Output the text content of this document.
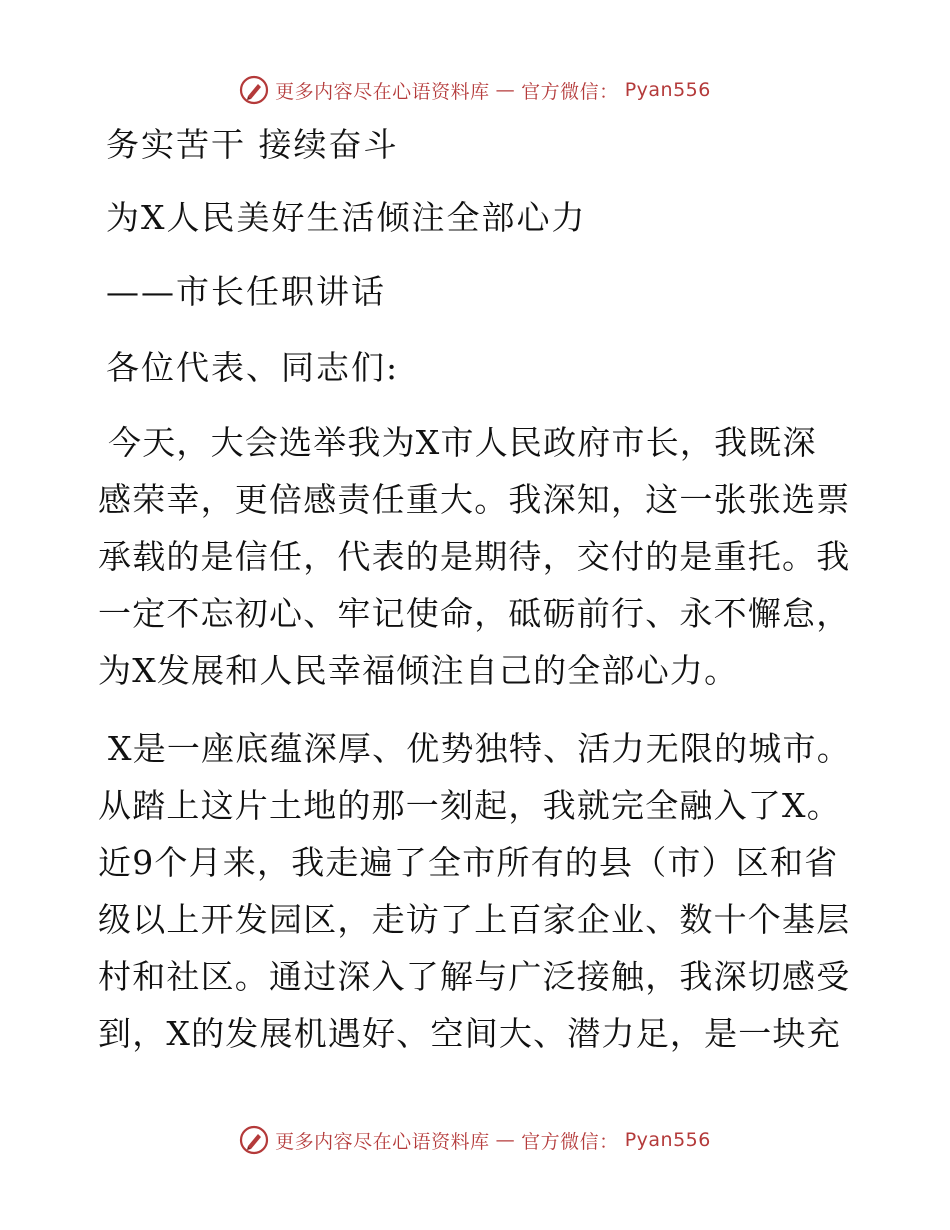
更多内容尽在心语资料库 — 官方微信： Pyan556
务实苦干 接续奋斗
为X人民美好生活倾注全部心力
——市长任职讲话
各位代表、同志们:
今天，大会选举我为X市人民政府市长，我既深
感荣幸，更倍感责任重大。我深知，这一张张选票
承载的是信任，代表的是期待，交付的是重托。我
一定不忘初心、牢记使命，砥砺前行、永不懈怠，
为X发展和人民幸福倾注自己的全部心力。
X是一座底蕴深厚、优势独特、活力无限的城市。
从踏上这片土地的那一刻起，我就完全融入了X。
近9个月来，我走遍了全市所有的县（市）区和省
级以上开发园区，走访了上百家企业、数十个基层
村和社区。通过深入了解与广泛接触，我深切感受
到，X的发展机遇好、空间大、潜力足，是一块充
更多内容尽在心语资料库 — 官方微信： Pyan556
